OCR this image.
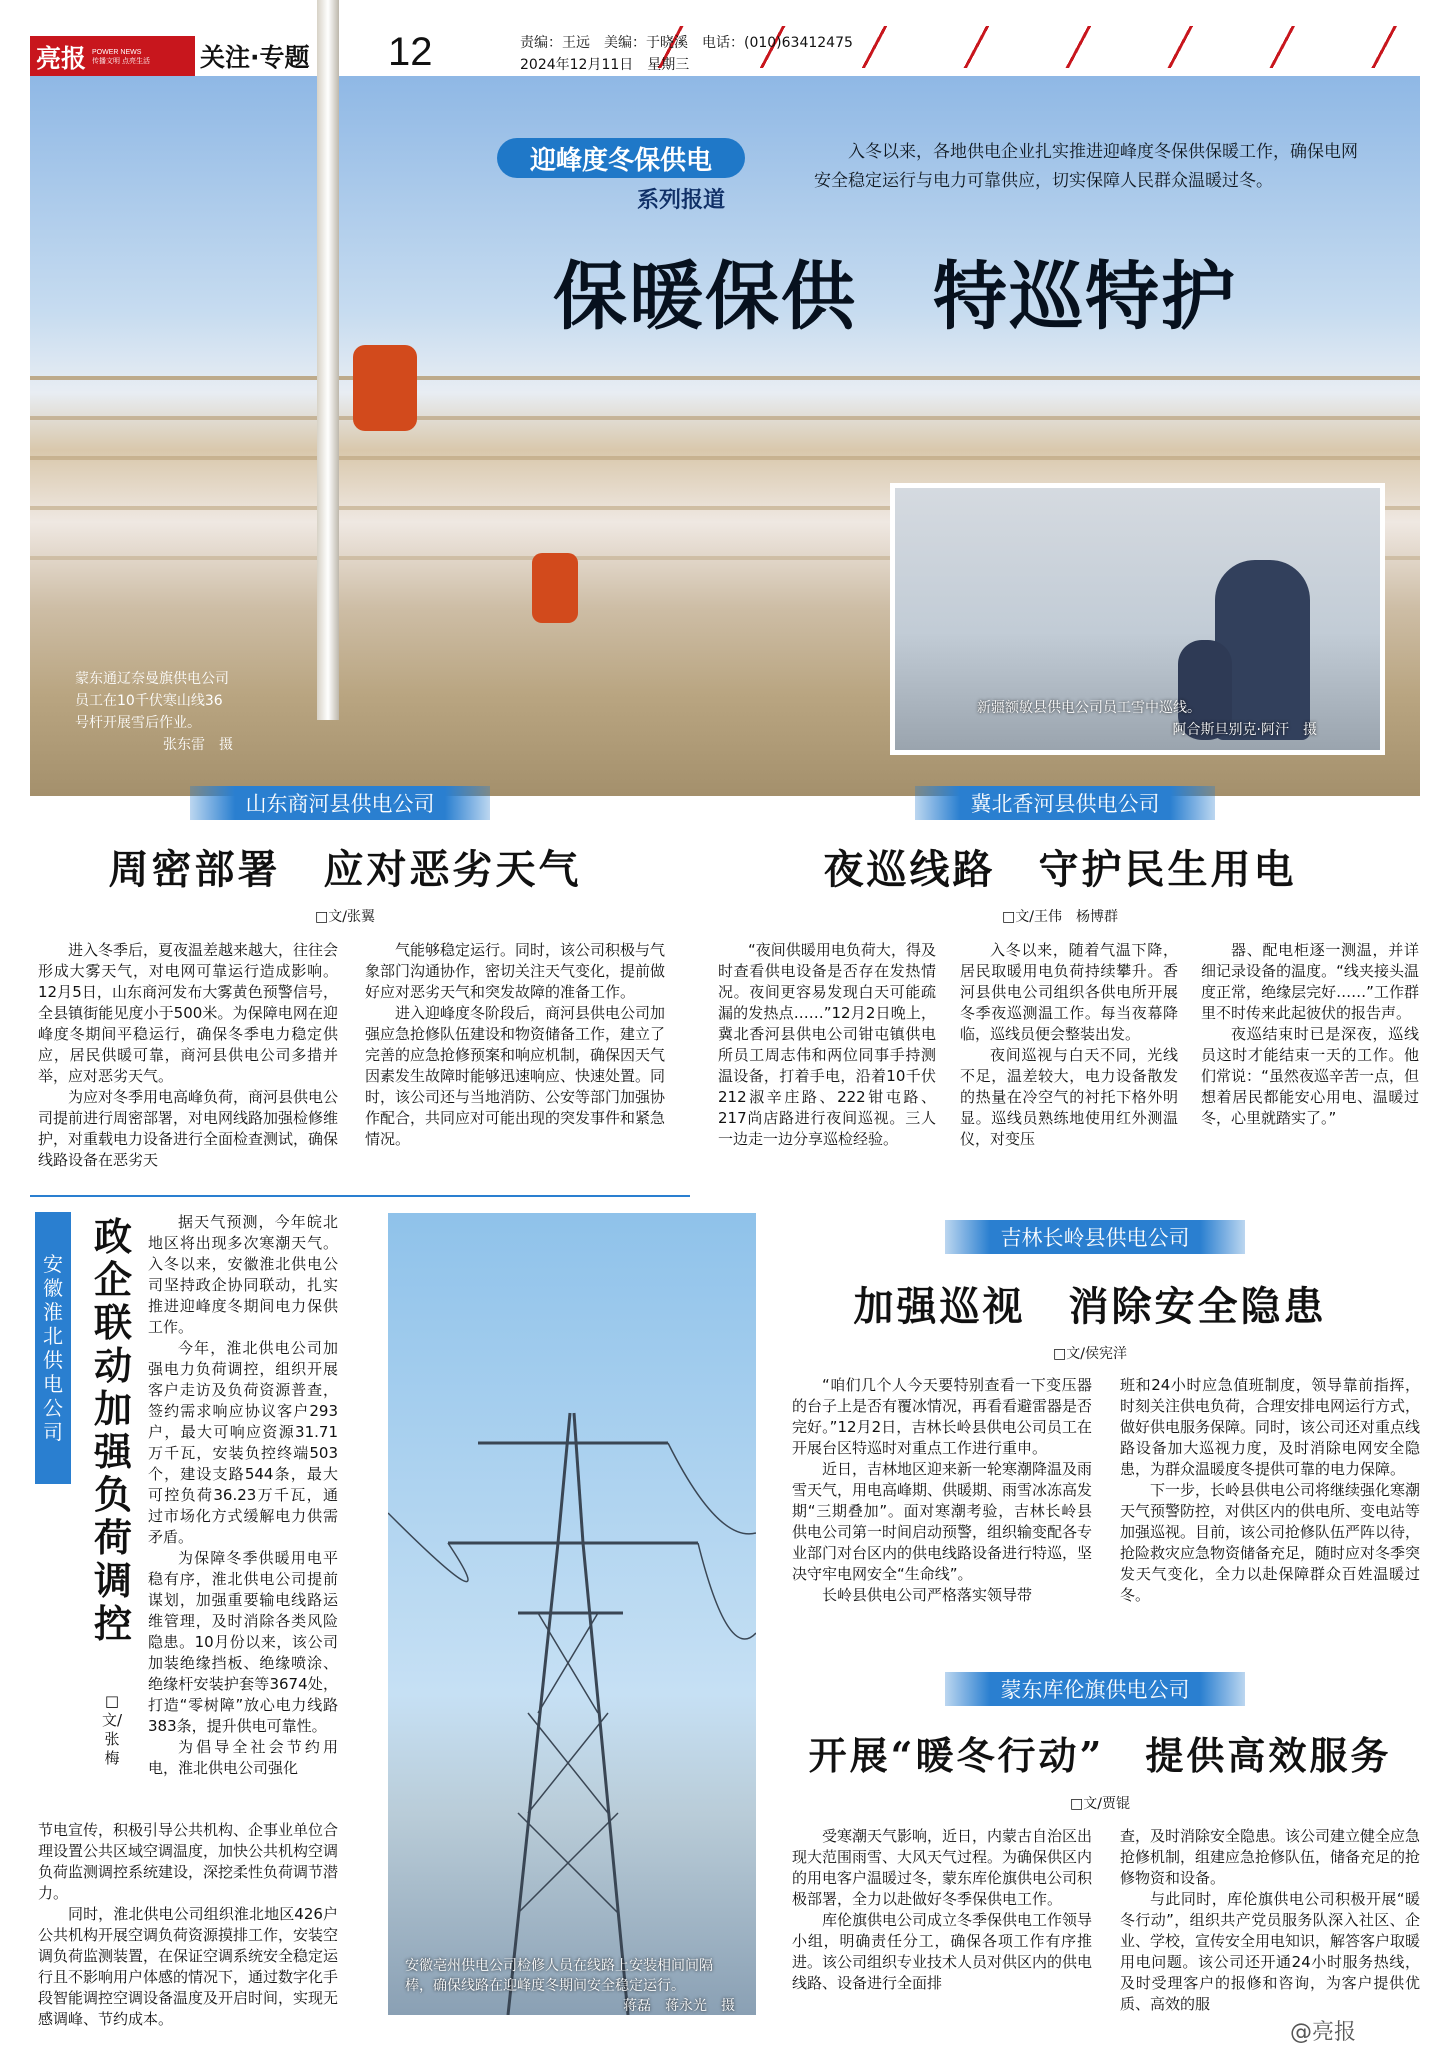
亮报 POWER NEWS
传播文明 点亮生活 关注·专题 12	责编：王远　美编：于晓溪　电话：(010)63412475
2024年12月11日　星期三
迎峰度冬保供电
系列报道
入冬以来，各地供电企业扎实推进迎峰度冬保供保暖工作，确保电网安全稳定运行与电力可靠供应，切实保障人民群众温暖过冬。
保暖保供　特巡特护
蒙东通辽奈曼旗供电公司员工在10千伏寒山线36号杆开展雪后作业。
张东雷　摄
新疆额敏县供电公司员工雪中巡线。
阿合斯旦别克·阿汗　摄
山东商河县供电公司
周密部署　应对恶劣天气
□文/张翼

进入冬季后，夏夜温差越来越大，往往会形成大雾天气，对电网可靠运行造成影响。12月5日，山东商河发布大雾黄色预警信号，全县镇街能见度小于500米。为保障电网在迎峰度冬期间平稳运行，确保冬季电力稳定供应，居民供暖可靠，商河县供电公司多措并举，应对恶劣天气。

为应对冬季用电高峰负荷，商河县供电公司提前进行周密部署，对电网线路加强检修维护，对重载电力设备进行全面检查测试，确保线路设备在恶劣天

气能够稳定运行。同时，该公司积极与气象部门沟通协作，密切关注天气变化，提前做好应对恶劣天气和突发故障的准备工作。

进入迎峰度冬阶段后，商河县供电公司加强应急抢修队伍建设和物资储备工作，建立了完善的应急抢修预案和响应机制，确保因天气因素发生故障时能够迅速响应、快速处置。同时，该公司还与当地消防、公安等部门加强协作配合，共同应对可能出现的突发事件和紧急情况。

冀北香河县供电公司
夜巡线路　守护民生用电
□文/王伟　杨博群

“夜间供暖用电负荷大，得及时查看供电设备是否存在发热情况。夜间更容易发现白天可能疏漏的发热点……”12月2日晚上，冀北香河县供电公司钳屯镇供电所员工周志伟和两位同事手持测温设备，打着手电，沿着10千伏212淑辛庄路、222钳屯路、217尚店路进行夜间巡视。三人一边走一边分享巡检经验。

入冬以来，随着气温下降，居民取暖用电负荷持续攀升。香河县供电公司组织各供电所开展冬季夜巡测温工作。每当夜幕降临，巡线员便会整装出发。

夜间巡视与白天不同，光线不足，温差较大，电力设备散发的热量在冷空气的衬托下格外明显。巡线员熟练地使用红外测温仪，对变压

器、配电柜逐一测温，并详细记录设备的温度。“线夹接头温度正常，绝缘层完好……”工作群里不时传来此起彼伏的报告声。

夜巡结束时已是深夜，巡线员这时才能结束一天的工作。他们常说：“虽然夜巡辛苦一点，但想着居民都能安心用电、温暖过冬，心里就踏实了。”

安徽淮北供电公司
政企联动　加强负荷调控
□文/张梅

据天气预测，今年皖北地区将出现多次寒潮天气。入冬以来，安徽淮北供电公司坚持政企协同联动，扎实推进迎峰度冬期间电力保供工作。

今年，淮北供电公司加强电力负荷调控，组织开展客户走访及负荷资源普查，签约需求响应协议客户293户，最大可响应资源31.71万千瓦，安装负控终端503个，建设支路544条，最大可控负荷36.23万千瓦，通过市场化方式缓解电力供需矛盾。

为保障冬季供暖用电平稳有序，淮北供电公司提前谋划，加强重要输电线路运维管理，及时消除各类风险隐患。10月份以来，该公司加装绝缘挡板、绝缘喷涂、绝缘杆安装护套等3674处，打造“零树障”放心电力线路383条，提升供电可靠性。

为倡导全社会节约用电，淮北供电公司强化

节电宣传，积极引导公共机构、企事业单位合理设置公共区域空调温度，加快公共机构空调负荷监测调控系统建设，深挖柔性负荷调节潜力。

同时，淮北供电公司组织淮北地区426户公共机构开展空调负荷资源摸排工作，安装空调负荷监测装置，在保证空调系统安全稳定运行且不影响用户体感的情况下，通过数字化手段智能调控空调设备温度及开启时间，实现无感调峰、节约成本。

安徽亳州供电公司检修人员在线路上安装相间间隔棒，确保线路在迎峰度冬期间安全稳定运行。
蒋磊　蒋永光　摄
吉林长岭县供电公司
加强巡视　消除安全隐患
□文/侯宪洋

“咱们几个人今天要特别查看一下变压器的台子上是否有覆冰情况，再看看避雷器是否完好。”12月2日，吉林长岭县供电公司员工在开展台区特巡时对重点工作进行重申。

近日，吉林地区迎来新一轮寒潮降温及雨雪天气，用电高峰期、供暖期、雨雪冰冻高发期“三期叠加”。面对寒潮考验，吉林长岭县供电公司第一时间启动预警，组织输变配各专业部门对台区内的供电线路设备进行特巡，坚决守牢电网安全“生命线”。

长岭县供电公司严格落实领导带

班和24小时应急值班制度，领导靠前指挥，时刻关注供电负荷，合理安排电网运行方式，做好供电服务保障。同时，该公司还对重点线路设备加大巡视力度，及时消除电网安全隐患，为群众温暖度冬提供可靠的电力保障。

下一步，长岭县供电公司将继续强化寒潮天气预警防控，对供区内的供电所、变电站等加强巡视。目前，该公司抢修队伍严阵以待，抢险救灾应急物资储备充足，随时应对冬季突发天气变化，全力以赴保障群众百姓温暖过冬。

蒙东库伦旗供电公司
开展“暖冬行动”　提供高效服务
□文/贾锟

受寒潮天气影响，近日，内蒙古自治区出现大范围雨雪、大风天气过程。为确保供区内的用电客户温暖过冬，蒙东库伦旗供电公司积极部署，全力以赴做好冬季保供电工作。

库伦旗供电公司成立冬季保供电工作领导小组，明确责任分工，确保各项工作有序推进。该公司组织专业技术人员对供区内的供电线路、设备进行全面排

查，及时消除安全隐患。该公司建立健全应急抢修机制，组建应急抢修队伍，储备充足的抢修物资和设备。

与此同时，库伦旗供电公司积极开展“暖冬行动”，组织共产党员服务队深入社区、企业、学校，宣传安全用电知识，解答客户取暖用电问题。该公司还开通24小时服务热线，及时受理客户的报修和咨询，为客户提供优质、高效的服

@亮报
